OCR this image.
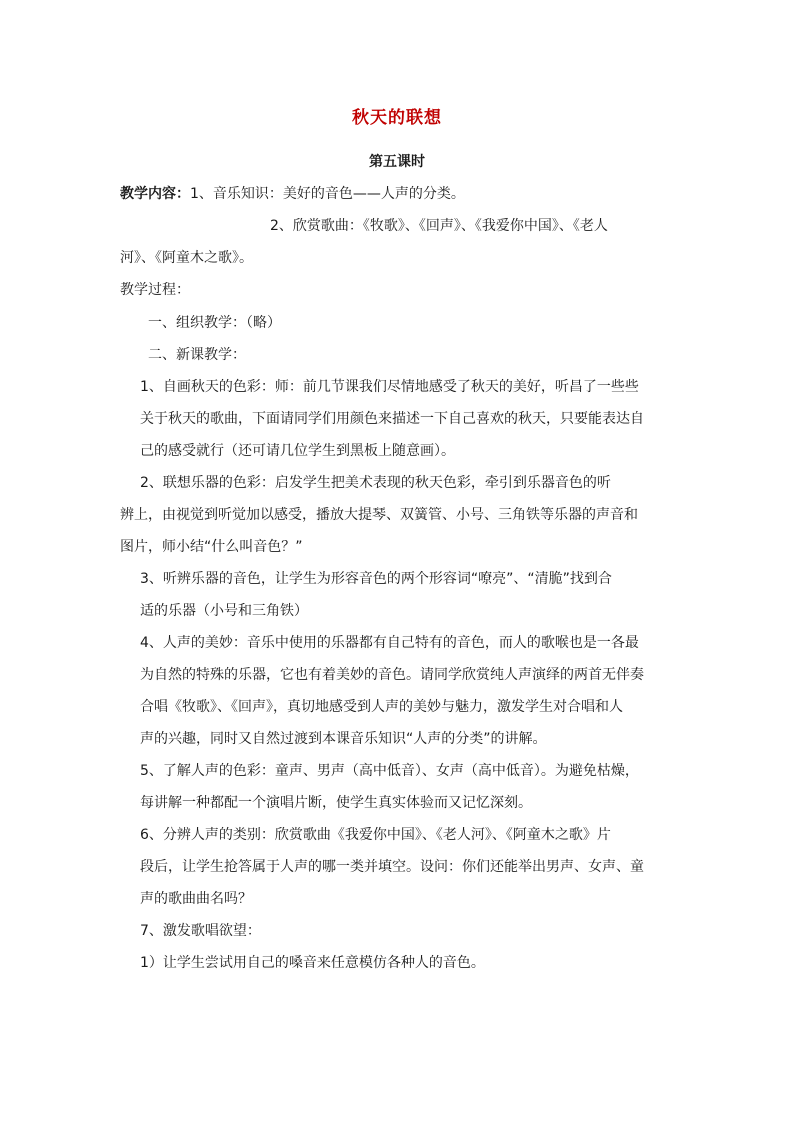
秋天的联想
第五课时
教学内容：1、音乐知识：美好的音色——人声的分类。
2、欣赏歌曲：《牧歌》、《回声》、《我爱你中国》、《老人
河》、《阿童木之歌》。
教学过程：
一、组织教学：（略）
二、新课教学：
1、自画秋天的色彩：师：前几节课我们尽情地感受了秋天的美好，听昌了一些些
关于秋天的歌曲，下面请同学们用颜色来描述一下自己喜欢的秋天，只要能表达自
己的感受就行（还可请几位学生到黑板上随意画）。
2、联想乐器的色彩：启发学生把美术表现的秋天色彩，牵引到乐器音色的听
辨上，由视觉到听觉加以感受，播放大提琴、双簧管、小号、三角铁等乐器的声音和
图片，师小结“什么叫音色？”
3、听辨乐器的音色，让学生为形容音色的两个形容词“嘹亮”、“清脆”找到合
适的乐器（小号和三角铁）
4、人声的美妙：音乐中使用的乐器都有自己特有的音色，而人的歌喉也是一各最
为自然的特殊的乐器，它也有着美妙的音色。请同学欣赏纯人声演绎的两首无伴奏
合唱《牧歌》、《回声》，真切地感受到人声的美妙与魅力，激发学生对合唱和人
声的兴趣，同时又自然过渡到本课音乐知识“人声的分类”的讲解。
5、了解人声的色彩：童声、男声（高中低音）、女声（高中低音）。为避免枯燥，
每讲解一种都配一个演唱片断，使学生真实体验而又记忆深刻。
6、分辨人声的类别：欣赏歌曲《我爱你中国》、《老人河》、《阿童木之歌》片
段后，让学生抢答属于人声的哪一类并填空。设问：你们还能举出男声、女声、童
声的歌曲曲名吗？
7、激发歌唱欲望：
1）让学生尝试用自己的嗓音来任意模仿各种人的音色。
